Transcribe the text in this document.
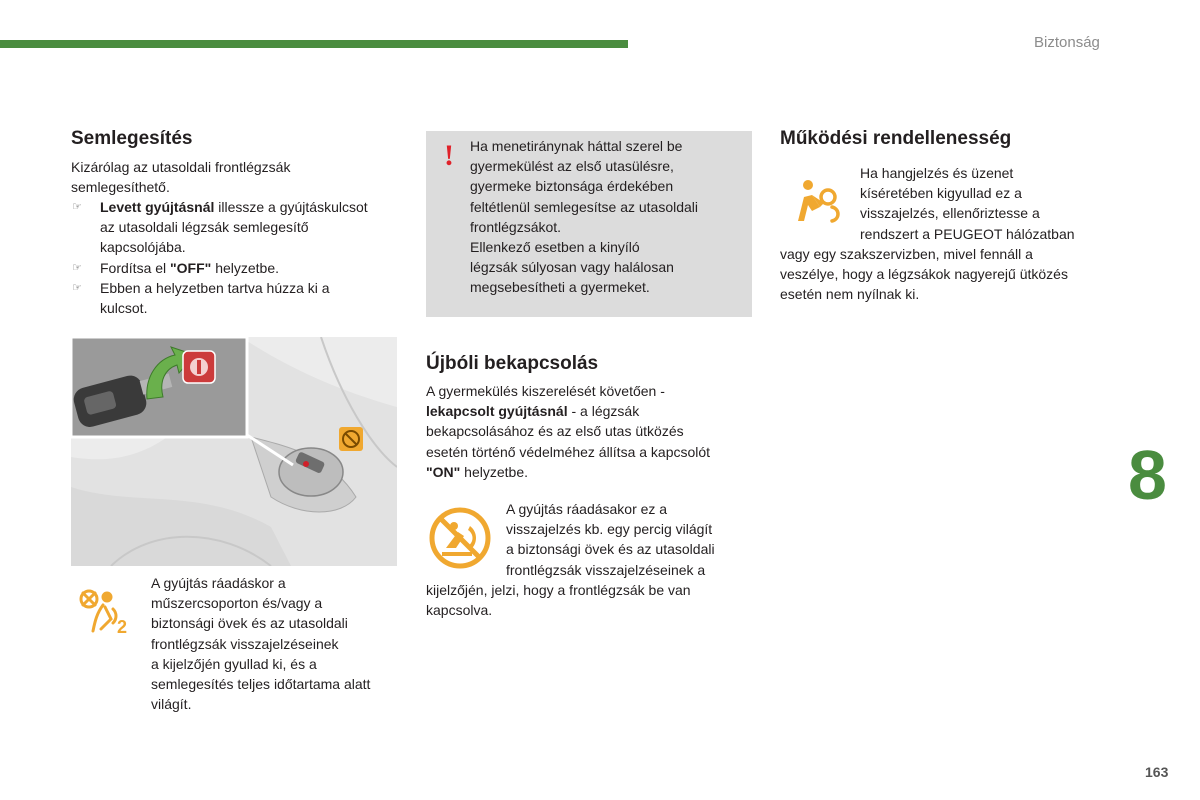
Biztonság
8
163
Semlegesítés
Kizárólag az utasoldali frontlégzsák
semlegesíthető.
☞ Levett gyújtásnál illessze a gyújtáskulcsot
az utasoldali légzsák semlegesítő
kapcsolójába.
☞ Fordítsa el "OFF" helyzetbe.
☞ Ebben a helyzetben tartva húzza ki a
kulcsot.
2
A gyújtás ráadáskor a
műszercsoporton és/vagy a
biztonsági övek és az utasoldali
frontlégzsák visszajelzéseinek
a kijelzőjén gyullad ki, és a
semlegesítés teljes időtartama alatt
világít.
! Ha menetiránynak háttal szerel be
gyermekülést az első utasülésre,
gyermeke biztonsága érdekében
feltétlenül semlegesítse az utasoldali
frontlégzsákot.
Ellenkező esetben a kinyíló
légzsák súlyosan vagy halálosan
megsebesítheti a gyermeket.
Újbóli bekapcsolás
A gyermekülés kiszerelését követően -
lekapcsolt gyújtásnál - a légzsák
bekapcsolásához és az első utas ütközés
esetén történő védelméhez állítsa a kapcsolót
"ON" helyzetbe.
A gyújtás ráadásakor ez a
visszajelzés kb. egy percig világít
a biztonsági övek és az utasoldali
frontlégzsák visszajelzéseinek a
kijelzőjén, jelzi, hogy a frontlégzsák be van
kapcsolva.
Működési rendellenesség
Ha hangjelzés és üzenet
kíséretében kigyullad ez a
visszajelzés, ellenőriztesse a
rendszert a PEUGEOT hálózatban
vagy egy szakszervizben, mivel fennáll a
veszélye, hogy a légzsákok nagyerejű ütközés
esetén nem nyílnak ki.
